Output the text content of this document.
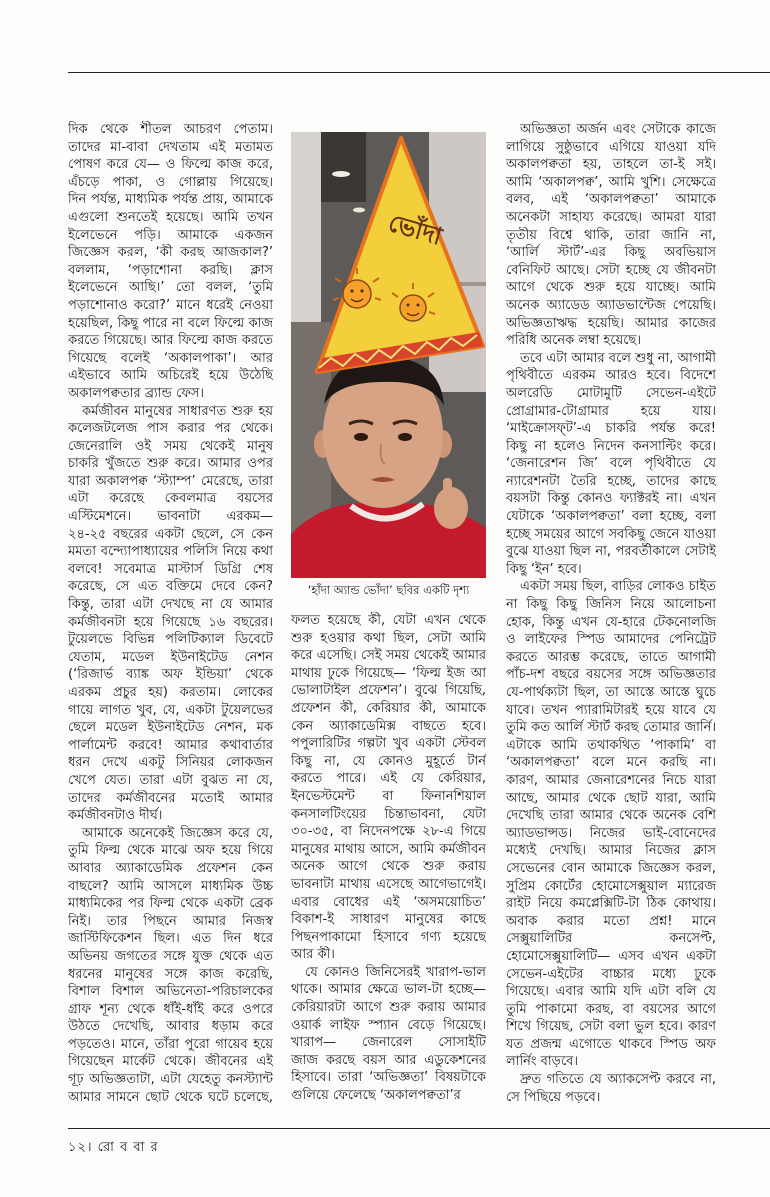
দিক থেকে শীতল আচরণ পেতাম।
তাদের মা-বাবা দেখতাম এই মতামত
পোষণ করে যে— ও ফিল্মে কাজ করে,
এঁচড়ে পাকা, ও গোল্লায় গিয়েছে।
দিন পর্যন্ত, মাধ্যমিক পর্যন্ত প্রায়, আমাকে
এগুলো শুনতেই হয়েছে। আমি তখন
ইলেভেনে পড়ি। আমাকে একজন
জিজ্ঞেস করল, ‘কী করছ আজকাল?’
বললাম, ‘পড়াশোনা করছি। ক্লাস
ইলেভেনে আছি।’ তো বলল, ‘তুমি
পড়াশোনাও করো?’ মানে ধরেই নেওয়া
হয়েছিল, কিছু পারে না বলে ফিল্মে কাজ
করতে গিয়েছে। আর ফিল্মে কাজ করতে
গিয়েছে বলেই ‘অকালপাকা’। আর
এইভাবে আমি অচিরেই হয়ে উঠেছি
অকালপক্বতার ব্র্যান্ড ফেস।
কর্মজীবন মানুষের সাধারণত শুরু হয়
কলেজটলেজ পাস করার পর থেকে।
জেনেরালি ওই সময় থেকেই মানুষ
চাকরি খুঁজতে শুরু করে। আমার ওপর
যারা অকালপক্ব ‘স্ট্যাম্প’ মেরেছে, তারা
এটা করেছে কেবলমাত্র বয়সের
এস্টিমেশনে। ভাবনাটা এরকম—
২৪-২৫ বছরের একটা ছেলে, সে কেন
মমতা বন্দ্যোপাধ্যায়ের পলিসি নিয়ে কথা
বলবে! সবেমাত্র মাস্টার্স ডিগ্রি শেষ
করেছে, সে এত বক্তিমে দেবে কেন?
কিন্তু, তারা এটা দেখছে না যে আমার
কর্মজীবনটা হয়ে গিয়েছে ১৬ বছরের।
টুয়েলভে বিভিন্ন পলিটিক্যাল ডিবেটে
যেতাম, মডেল ইউনাইটেড নেশন
(‘রিজার্ভ ব্যাঙ্ক অফ ইন্ডিয়া’ থেকে
এরকম প্রচুর হয়) করতাম। লোকের
গায়ে লাগত খুব, যে, একটা টুয়েলভের
ছেলে মডেল ইউনাইটেড নেশন, মক
পার্লামেন্ট করবে! আমার কথাবার্তার
ধরন দেখে একটু সিনিয়র লোকজন
খেপে যেত। তারা এটা বুঝত না যে,
তাদের কর্মজীবনের মতোই আমার
কর্মজীবনটাও দীর্ঘ।
আমাকে অনেকেই জিজ্ঞেস করে যে,
তুমি ফিল্ম থেকে মাঝে অফ হয়ে গিয়ে
আবার অ্যাকাডেমিক প্রফেশন কেন
বাছলে? আমি আসলে মাধ্যমিক উচ্চ
মাধ্যমিকের পর ফিল্ম থেকে একটা ব্রেক
নিই। তার পিছনে আমার নিজস্ব
জাস্টিফিকেশন ছিল। এত দিন ধরে
অভিনয় জগতের সঙ্গে যুক্ত থেকে এত
ধরনের মানুষের সঙ্গে কাজ করেছি,
বিশাল বিশাল অভিনেতা-পরিচালকের
গ্রাফ শূন্য থেকে ধাঁই-ধাঁই করে ওপরে
উঠতে দেখেছি, আবার ধড়াম করে
পড়তেও। মানে, তাঁরা পুরো গায়েব হয়ে
গিয়েছেন মার্কেট থেকে। জীবনের এই
গূঢ় অভিজ্ঞতাটা, এটা যেহেতু কনস্ট্যান্ট
আমার সামনে ছোট থেকে ঘটে চলেছে,
ভোঁদা
‘হাঁদা অ্যান্ড ভোঁদা’ ছবির একটি দৃশ্য
ফলত হয়েছে কী, যেটা এখন থেকে
শুরু হওয়ার কথা ছিল, সেটা আমি
করে এসেছি। সেই সময় থেকেই আমার
মাথায় ঢুকে গিয়েছে— ‘ফিল্ম ইজ আ
ভোলাটাইল প্রফেশন’। বুঝে গিয়েছি,
প্রফেশন কী, কেরিয়ার কী, আমাকে
কেন অ্যাকাডেমিক্স বাছতে হবে।
পপুলারিটির গল্পটা খুব একটা স্টেবল
কিছু না, যে কোনও মুহূর্তে টার্ন
করতে পারে। এই যে কেরিয়ার,
ইনভেস্টমেন্ট বা ফিনানশিয়াল
কনসালটিংয়ের চিন্তাভাবনা, যেটা
৩০-৩৫, বা নিদেনপক্ষে ২৮-এ গিয়ে
মানুষের মাথায় আসে, আমি কর্মজীবন
অনেক আগে থেকে শুরু করায়
ভাবনাটা মাথায় এসেছে আগেভাগেই।
এবার বোধের এই ‘অসময়োচিত’
বিকাশ-ই সাধারণ মানুষের কাছে
পিছনপাকামো হিসাবে গণ্য হয়েছে
আর কী।
যে কোনও জিনিসেরই খারাপ-ভাল
থাকে। আমার ক্ষেত্রে ভাল-টা হচ্ছে—
কেরিয়ারটা আগে শুরু করায় আমার
ওয়ার্ক লাইফ স্প্যান বেড়ে গিয়েছে।
খারাপ— জেনারেল সোসাইটি
জাজ করছে বয়স আর এডুকেশনের
হিসাবে। তারা ‘অভিজ্ঞতা’ বিষয়টাকে
গুলিয়ে ফেলেছে ‘অকালপক্বতা’র
অভিজ্ঞতা অর্জন এবং সেটাকে কাজে
লাগিয়ে সুষ্ঠুভাবে এগিয়ে যাওয়া যদি
অকালপক্বতা হয়, তাহলে তা-ই সই।
আমি ‘অকালপক্ব’, আমি খুশি। সেক্ষেত্রে
বলব, এই ‘অকালপক্বতা’ আমাকে
অনেকটা সাহায্য করেছে। আমরা যারা
তৃতীয় বিশ্বে থাকি, তারা জানি না,
‘আর্লি স্টার্ট’-এর কিছু অবভিয়াস
বেনিফিট আছে। সেটা হচ্ছে যে জীবনটা
আগে থেকে শুরু হয়ে যাচ্ছে। আমি
অনেক অ্যাডেড অ্যাডভান্টেজ পেয়েছি।
অভিজ্ঞতাঋদ্ধ হয়েছি। আমার কাজের
পরিধি অনেক লম্বা হয়েছে।
তবে এটা আমার বলে শুধু না, আগামী
পৃথিবীতে এরকম আরও হবে। বিদেশে
অলরেডি মোটামুটি সেভেন-এইটে
প্রোগ্রামার-টোগ্রামার হয়ে যায়।
‘মাইক্রোসফ্‌ট’-এ চাকরি পর্যন্ত করে!
কিছু না হলেও নিদেন কনসাল্টিং করে।
‘জেনারেশন জি’ বলে পৃথিবীতে যে
ন্যারেশনটা তৈরি হচ্ছে, তাদের কাছে
বয়সটা কিন্তু কোনও ফ্যাক্টরই না। এখন
যেটাকে ‘অকালপক্বতা’ বলা হচ্ছে, বলা
হচ্ছে সময়ের আগে সবকিছু জেনে যাওয়া
বুঝে যাওয়া ছিল না, পরবর্তীকালে সেটাই
কিছু ‘ইন’ হবে।
একটা সময় ছিল, বাড়ির লোকও চাইত
না কিছু কিছু জিনিস নিয়ে আলোচনা
হোক, কিন্তু এখন যে-হারে টেকনোলজি
ও লাইফের স্পিড আমাদের পেনিট্রেট
করতে আরম্ভ করেছে, তাতে আগামী
পাঁচ-দশ বছরে বয়সের সঙ্গে অভিজ্ঞতার
যে-পার্থক্যটা ছিল, তা আস্তে আস্তে ঘুচে
যাবে। তখন প্যারামিটারই হয়ে যাবে যে
তুমি কত আর্লি স্টার্ট করছ তোমার জার্নি।
এটাকে আমি তথাকথিত ‘পাকামি’ বা
‘অকালপক্বতা’ বলে মনে করছি না।
কারণ, আমার জেনারেশনের নিচে যারা
আছে, আমার থেকে ছোট যারা, আমি
দেখেছি তারা আমার থেকে অনেক বেশি
অ্যাডভান্সড। নিজের ভাই-বোনেদের
মধ্যেই দেখছি। আমার নিজের ক্লাস
সেভেনের বোন আমাকে জিজ্ঞেস করল,
সুপ্রিম কোর্টের হোমোসেক্সুয়াল ম্যারেজ
রাইট নিয়ে কমপ্লেক্সিটি-টা ঠিক কোথায়।
অবাক করার মতো প্রশ্ন! মানে
সেক্সুয়ালিটির কনসেপ্ট,
হোমোসেক্সুয়ালিটি— এসব এখন একটা
সেভেন-এইটের বাচ্চার মধ্যে ঢুকে
গিয়েছে। এবার আমি যদি এটা বলি যে
তুমি পাকামো করছ, বা বয়সের আগে
শিখে গিয়েছ, সেটা বলা ভুল হবে। কারণ
যত প্রজন্ম এগোতে থাকবে স্পিড অফ
লার্নিং বাড়বে।
দ্রুত গতিতে যে অ্যাকসেপ্ট করবে না,
সে পিছিয়ে পড়বে।
১২। রো ব বা র
